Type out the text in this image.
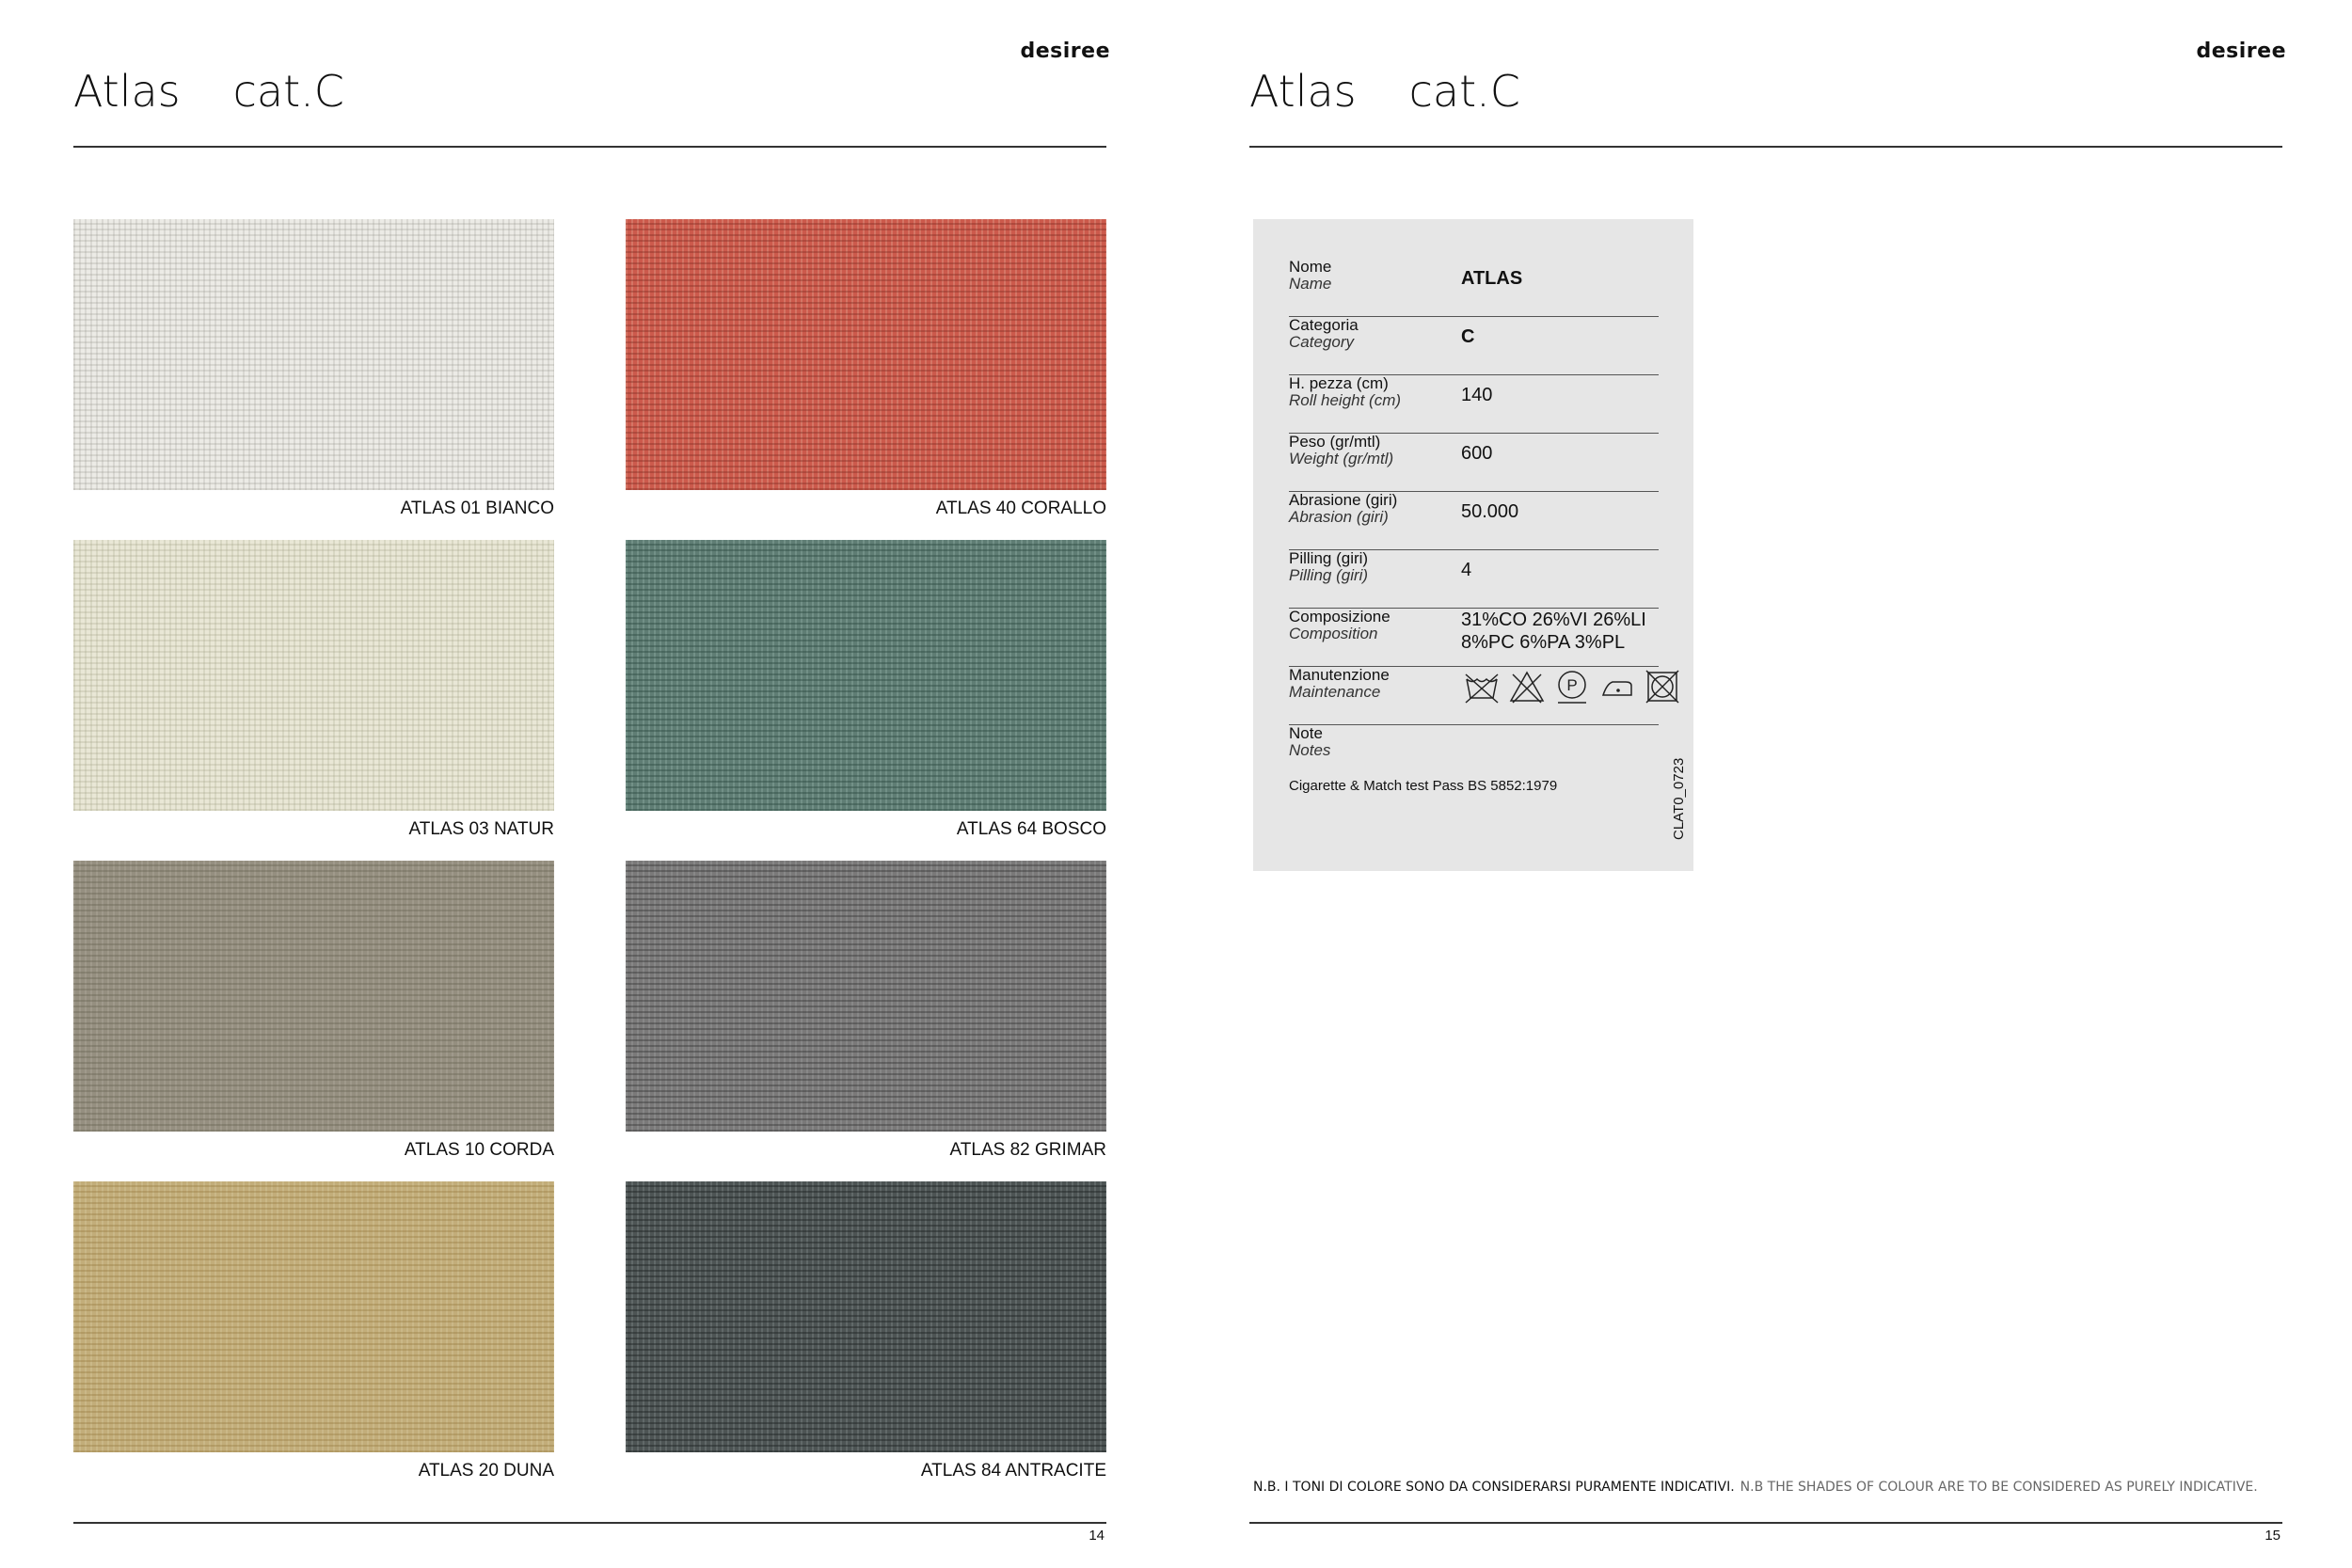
desiree
Atlas cat.C
ATLAS 01 BIANCO	ATLAS 40 CORALLO
ATLAS 03 NATUR	ATLAS 64 BOSCO
ATLAS 10 CORDA	ATLAS 82 GRIMAR
ATLAS 20 DUNA	ATLAS 84 ANTRACITE
14
desiree
Atlas cat.C
Nome
Name	ATLAS
Categoria
Category	C
H. pezza (cm)
Roll height (cm)	140
Peso (gr/mtl)
Weight (gr/mtl)	600
Abrasione (giri)
Abrasion (giri)	50.000
Pilling (giri)
Pilling (giri)	4
Composizione
Composition
31%CO 26%VI 26%LI
8%PC 6%PA 3%PL
Manutenzione
Maintenance	P
Note
Notes
Cigarette & Match test Pass BS 5852:1979	CLAT0_0723
N.B. I TONI DI COLORE SONO DA CONSIDERARSI PURAMENTE INDICATIVI. N.B THE SHADES OF COLOUR ARE TO BE CONSIDERED AS PURELY INDICATIVE.
15
